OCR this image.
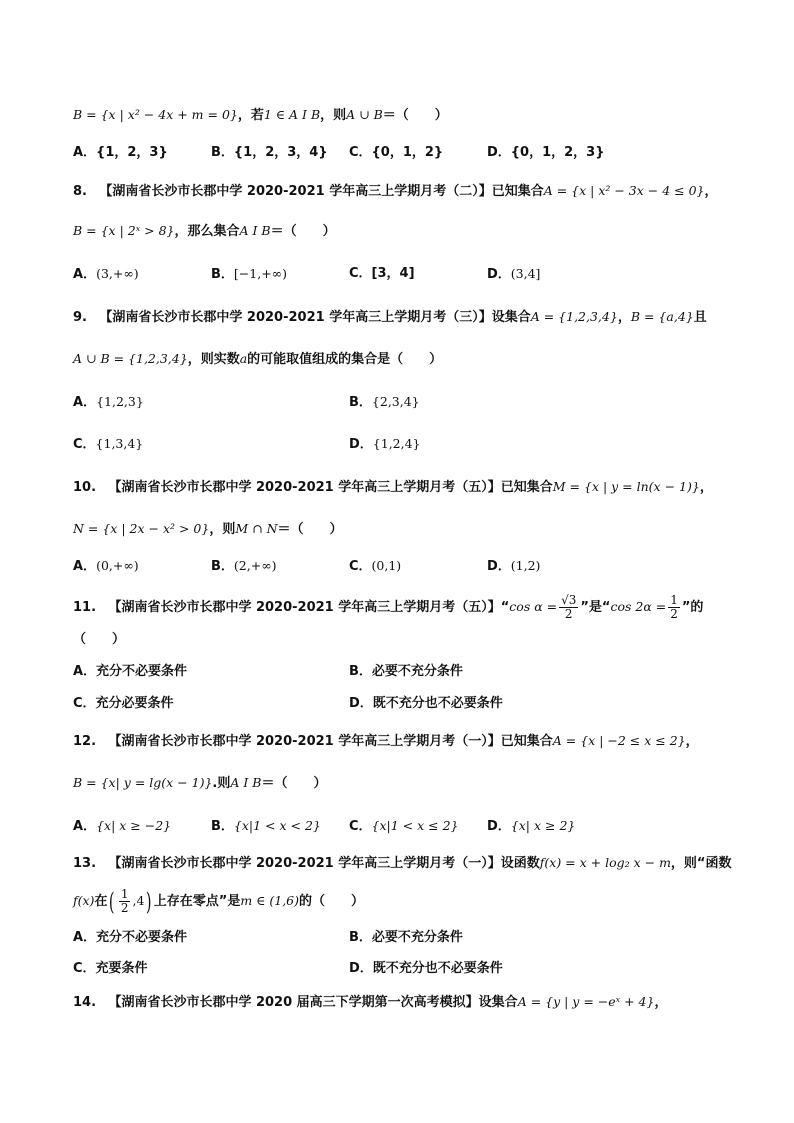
B = {x | x² − 4x + m = 0}，若1 ∈ A I B，则A ∪ B＝（　　）
A．{1，2，3}	B．{1，2，3，4} C．{0，1，2}	D．{0，1，2，3}
8. 【湖南省长沙市长郡中学 2020-2021 学年高三上学期月考（二）】已知集合A = {x | x² − 3x − 4 ≤ 0}，
B = {x | 2ˣ > 8}，那么集合A I B＝（　　）
A．(3,+∞)	B．[−1,+∞)	C．[3，4]	D．(3,4]
9. 【湖南省长沙市长郡中学 2020-2021 学年高三上学期月考（三）】设集合A = {1,2,3,4}，B = {a,4}且
A ∪ B = {1,2,3,4}，则实数a的可能取值组成的集合是（　　）
A．{1,2,3}	B．{2,3,4}
C．{1,3,4}	D．{1,2,4}
10. 【湖南省长沙市长郡中学 2020-2021 学年高三上学期月考（五）】已知集合M = {x | y = ln(x − 1)}，
N = {x | 2x − x² > 0}，则M ∩ N＝（　　）
A．(0,+∞)	B．(2,+∞)	C．(0,1)	D．(1,2)
11. 【湖南省长沙市长郡中学 2020-2021 学年高三上学期月考（五）】“cos $\alpha = \frac{√3}{2}$ ”是“cos $2\alpha = \frac{1}{2}$ ”的
（　　）
A．充分不必要条件	B．必要不充分条件
C．充分必要条件	D．既不充分也不必要条件
12. 【湖南省长沙市长郡中学 2020-2021 学年高三上学期月考（一）】已知集合A = {x | −2 ≤ x ≤ 2}，
B = {x| y = lg(x − 1)}.则A I B＝（　　）
A．{x| x ≥ −2}	B．{x|1 < x < 2} C．{x|1 < x ≤ 2} D．{x| x ≥ 2}
13. 【湖南省长沙市长郡中学 2020-2021 学年高三上学期月考（一）】设函数f(x) = x + log₂ x − m，则“函数
f(x)在( $\frac{1}{2} ,4$) 上存在零点”是m ∈ (1,6)的（　　）
A．充分不必要条件	B．必要不充分条件
C．充要条件	D．既不充分也不必要条件
14. 【湖南省长沙市长郡中学 2020 届高三下学期第一次高考模拟】设集合A = {y | y = −eˣ + 4}，
